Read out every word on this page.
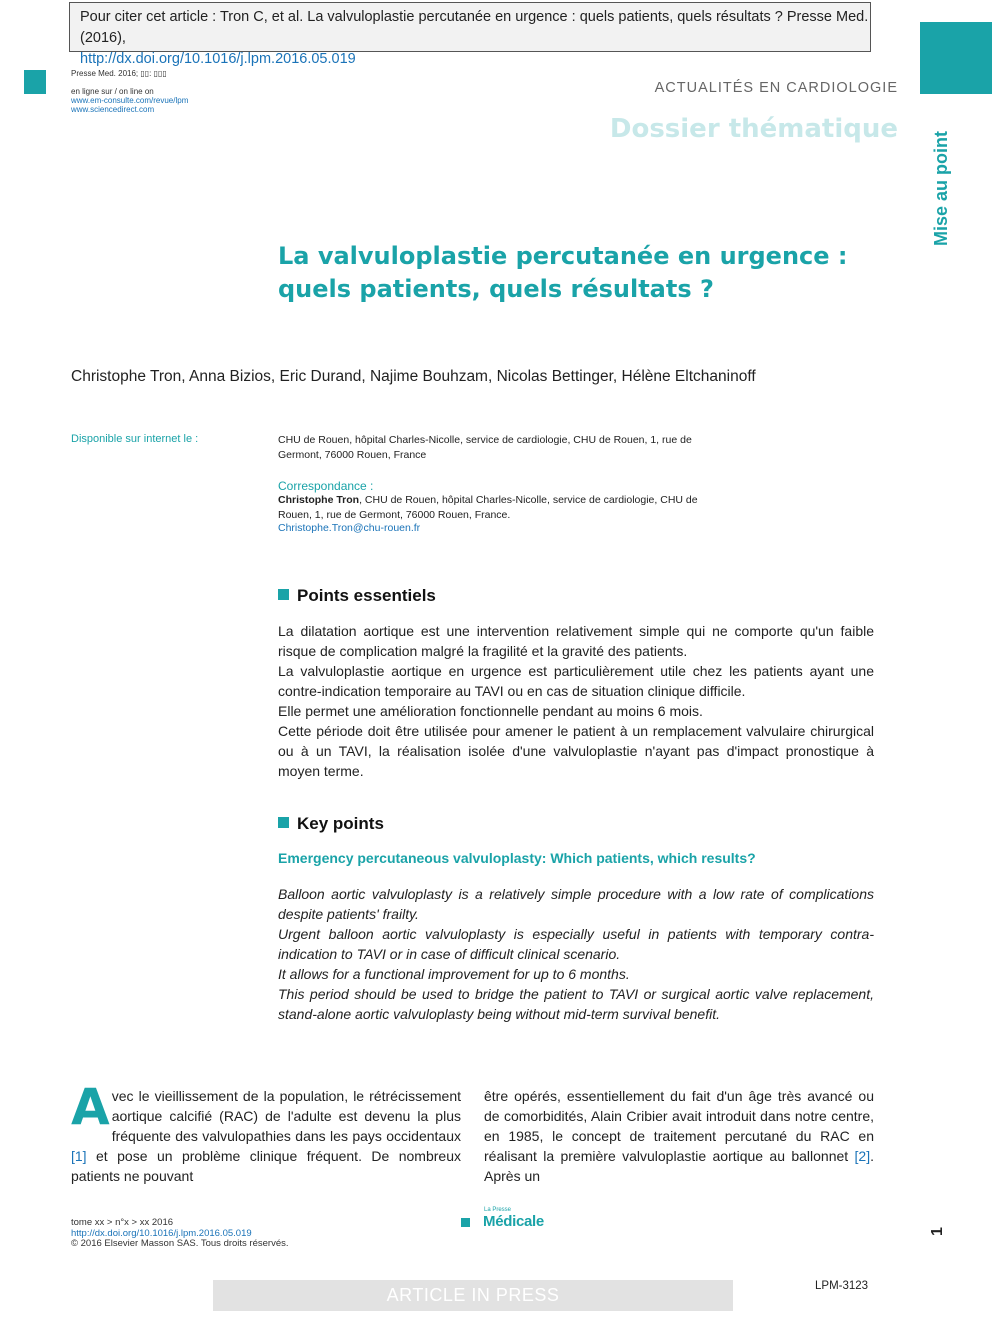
Pour citer cet article : Tron C, et al. La valvuloplastie percutanée en urgence : quels patients, quels résultats ? Presse Med. (2016),
http://dx.doi.org/10.1016/j.lpm.2016.05.019
Presse Med. 2016; ▯▯: ▯▯▯
en ligne sur / on line on
www.em-consulte.com/revue/lpm
www.sciencedirect.com
ACTUALITÉS EN CARDIOLOGIE
Dossier thématique
Mise au point
La valvuloplastie percutanée en urgence :
quels patients, quels résultats ?
Christophe Tron, Anna Bizios, Eric Durand, Najime Bouhzam, Nicolas Bettinger, Hélène Eltchaninoff
Disponible sur internet le :	CHU de Rouen, hôpital Charles-Nicolle, service de cardiologie, CHU de Rouen, 1, rue de Germont, 76000 Rouen, France
Correspondance :
Christophe Tron, CHU de Rouen, hôpital Charles-Nicolle, service de cardiologie, CHU de Rouen, 1, rue de Germont, 76000 Rouen, France.
Christophe.Tron@chu-rouen.fr
Points essentiels

La dilatation aortique est une intervention relativement simple qui ne comporte qu'un faible risque de complication malgré la fragilité et la gravité des patients.

La valvuloplastie aortique en urgence est particulièrement utile chez les patients ayant une contre-indication temporaire au TAVI ou en cas de situation clinique difficile.

Elle permet une amélioration fonctionnelle pendant au moins 6 mois.

Cette période doit être utilisée pour amener le patient à un remplacement valvulaire chirurgical ou à un TAVI, la réalisation isolée d'une valvuloplastie n'ayant pas d'impact pronostique à moyen terme.

Key points
Emergency percutaneous valvuloplasty: Which patients, which results?

Balloon aortic valvuloplasty is a relatively simple procedure with a low rate of complications despite patients' frailty.

Urgent balloon aortic valvuloplasty is especially useful in patients with temporary contra-indication to TAVI or in case of difficult clinical scenario.

It allows for a functional improvement for up to 6 months.

This period should be used to bridge the patient to TAVI or surgical aortic valve replacement, stand-alone aortic valvuloplasty being without mid-term survival benefit.

Avec le vieillissement de la population, le rétrécissement aortique calcifié (RAC) de l'adulte est devenu la plus fréquente des valvulopathies dans les pays occidentaux [1] et pose un problème clinique fréquent. De nombreux patients ne pouvant
être opérés, essentiellement du fait d'un âge très avancé ou de comorbidités, Alain Cribier avait introduit dans notre centre, en 1985, le concept de traitement percutané du RAC en réalisant la première valvuloplastie aortique au ballonnet [2]. Après un
tome xx > n°x > xx 2016
http://dx.doi.org/10.1016/j.lpm.2016.05.019
© 2016 Elsevier Masson SAS. Tous droits réservés.
La Presse
Médicale
1
ARTICLE IN PRESS	LPM-3123
